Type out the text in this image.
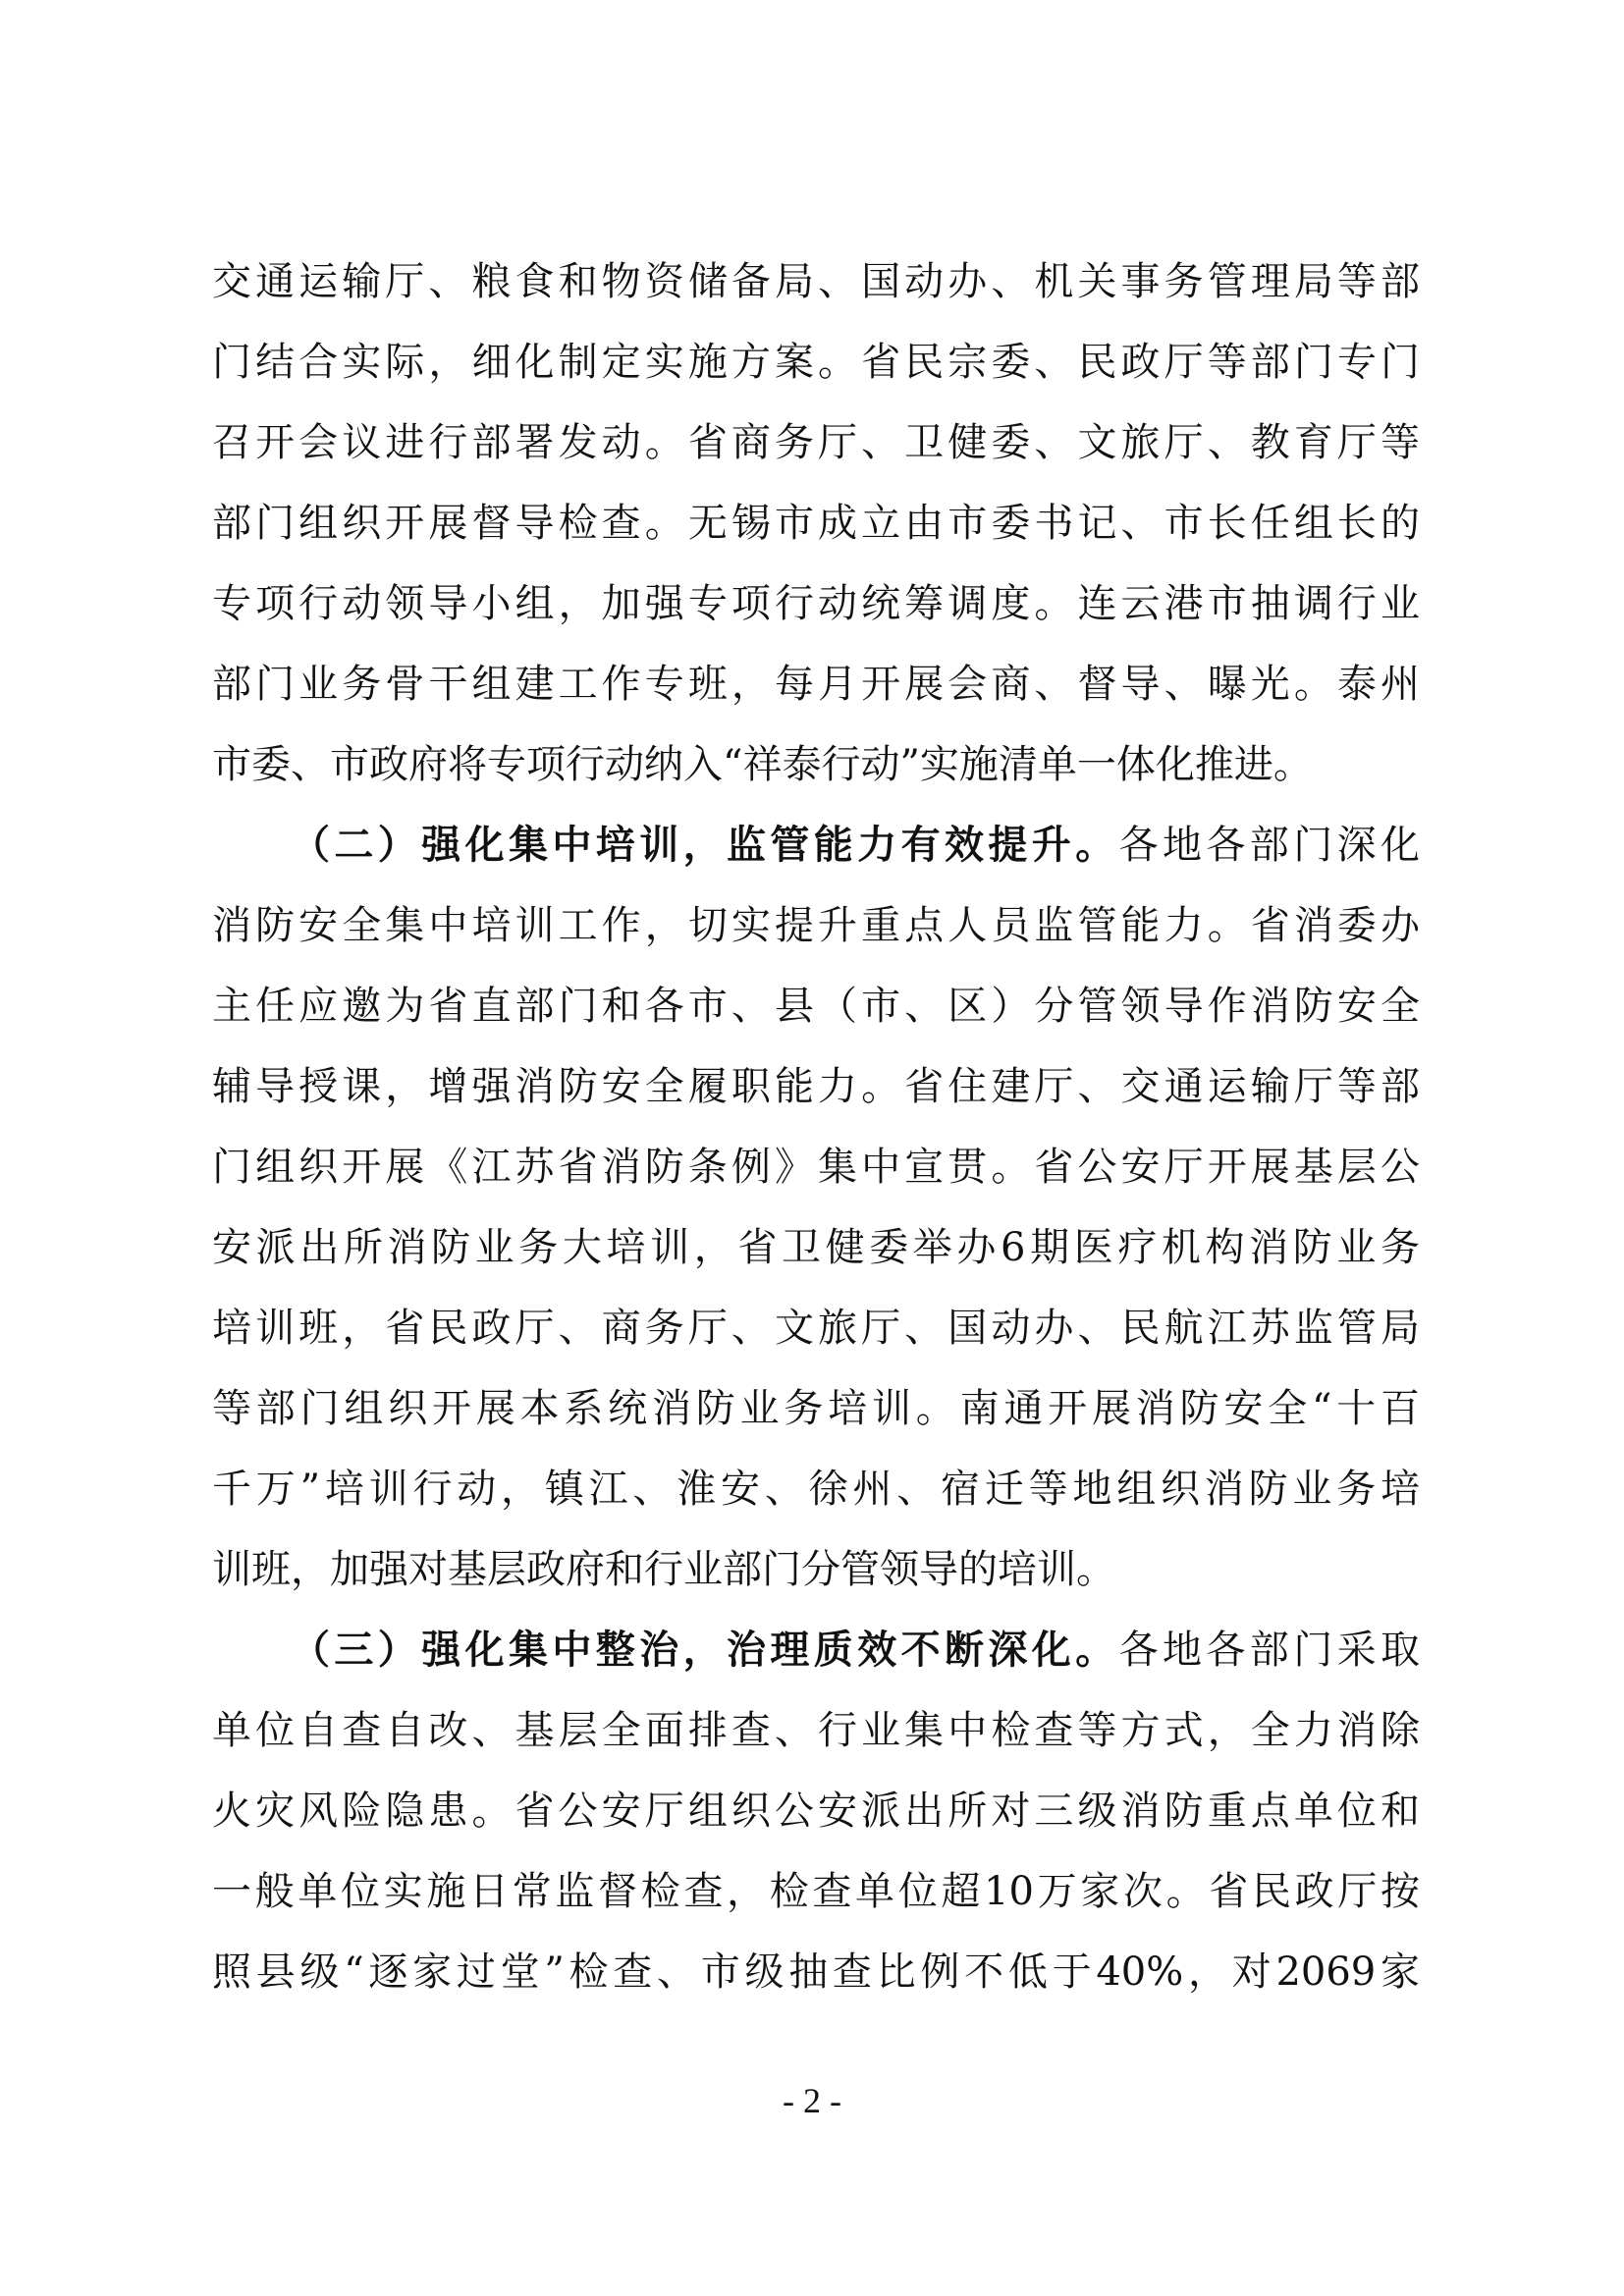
交通运输厅、粮食和物资储备局、国动办、机关事务管理局等部
门结合实际，细化制定实施方案。省民宗委、民政厅等部门专门
召开会议进行部署发动。省商务厅、卫健委、文旅厅、教育厅等
部门组织开展督导检查。无锡市成立由市委书记、市长任组长的
专项行动领导小组，加强专项行动统筹调度。连云港市抽调行业
部门业务骨干组建工作专班，每月开展会商、督导、曝光。泰州
市委、市政府将专项行动纳入“祥泰行动”实施清单一体化推进。
（二）强化集中培训，监管能力有效提升。各地各部门深化
消防安全集中培训工作，切实提升重点人员监管能力。省消委办
主任应邀为省直部门和各市、县（市、区）分管领导作消防安全
辅导授课，增强消防安全履职能力。省住建厅、交通运输厅等部
门组织开展《江苏省消防条例》集中宣贯。省公安厅开展基层公
安派出所消防业务大培训，省卫健委举办6期医疗机构消防业务
培训班，省民政厅、商务厅、文旅厅、国动办、民航江苏监管局
等部门组织开展本系统消防业务培训。南通开展消防安全“十百
千万”培训行动，镇江、淮安、徐州、宿迁等地组织消防业务培
训班，加强对基层政府和行业部门分管领导的培训。
（三）强化集中整治，治理质效不断深化。各地各部门采取
单位自查自改、基层全面排查、行业集中检查等方式，全力消除
火灾风险隐患。省公安厅组织公安派出所对三级消防重点单位和
一般单位实施日常监督检查，检查单位超10万家次。省民政厅按
照县级“逐家过堂”检查、市级抽查比例不低于40%，对2069家
- 2 -
